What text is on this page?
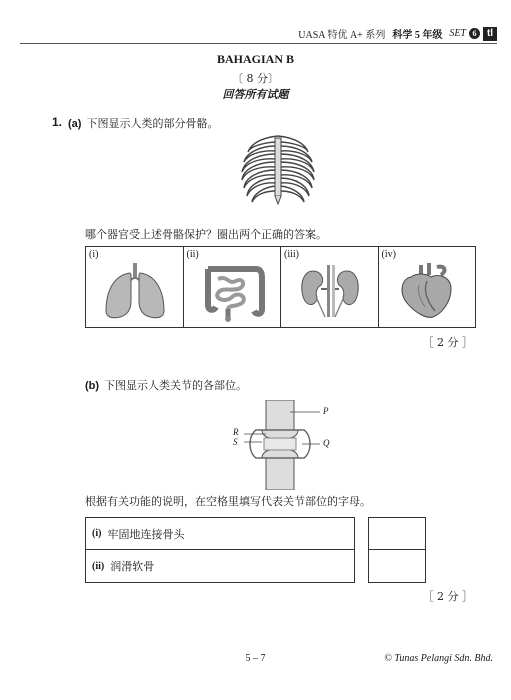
UASA 特优 A+ 系列 科学 5 年级 SET 6	tl
BAHAGIAN B
〔 8 分〕
回答所有试题
1. (a) 下图显示人类的部分骨骼。
哪个器官受上述骨骼保护？圈出两个正确的答案。
(i)	(ii)	(iii)	(iv)
［ 2 分 ］
(b) 下图显示人类关节的各部位。
P
Q
R
S
根据有关功能的说明，在空格里填写代表关节部位的字母。
(i) 牢固地连接骨头
(ii) 润滑软骨
［ 2 分 ］
5 – 7	© Tunas Pelangi Sdn. Bhd.
